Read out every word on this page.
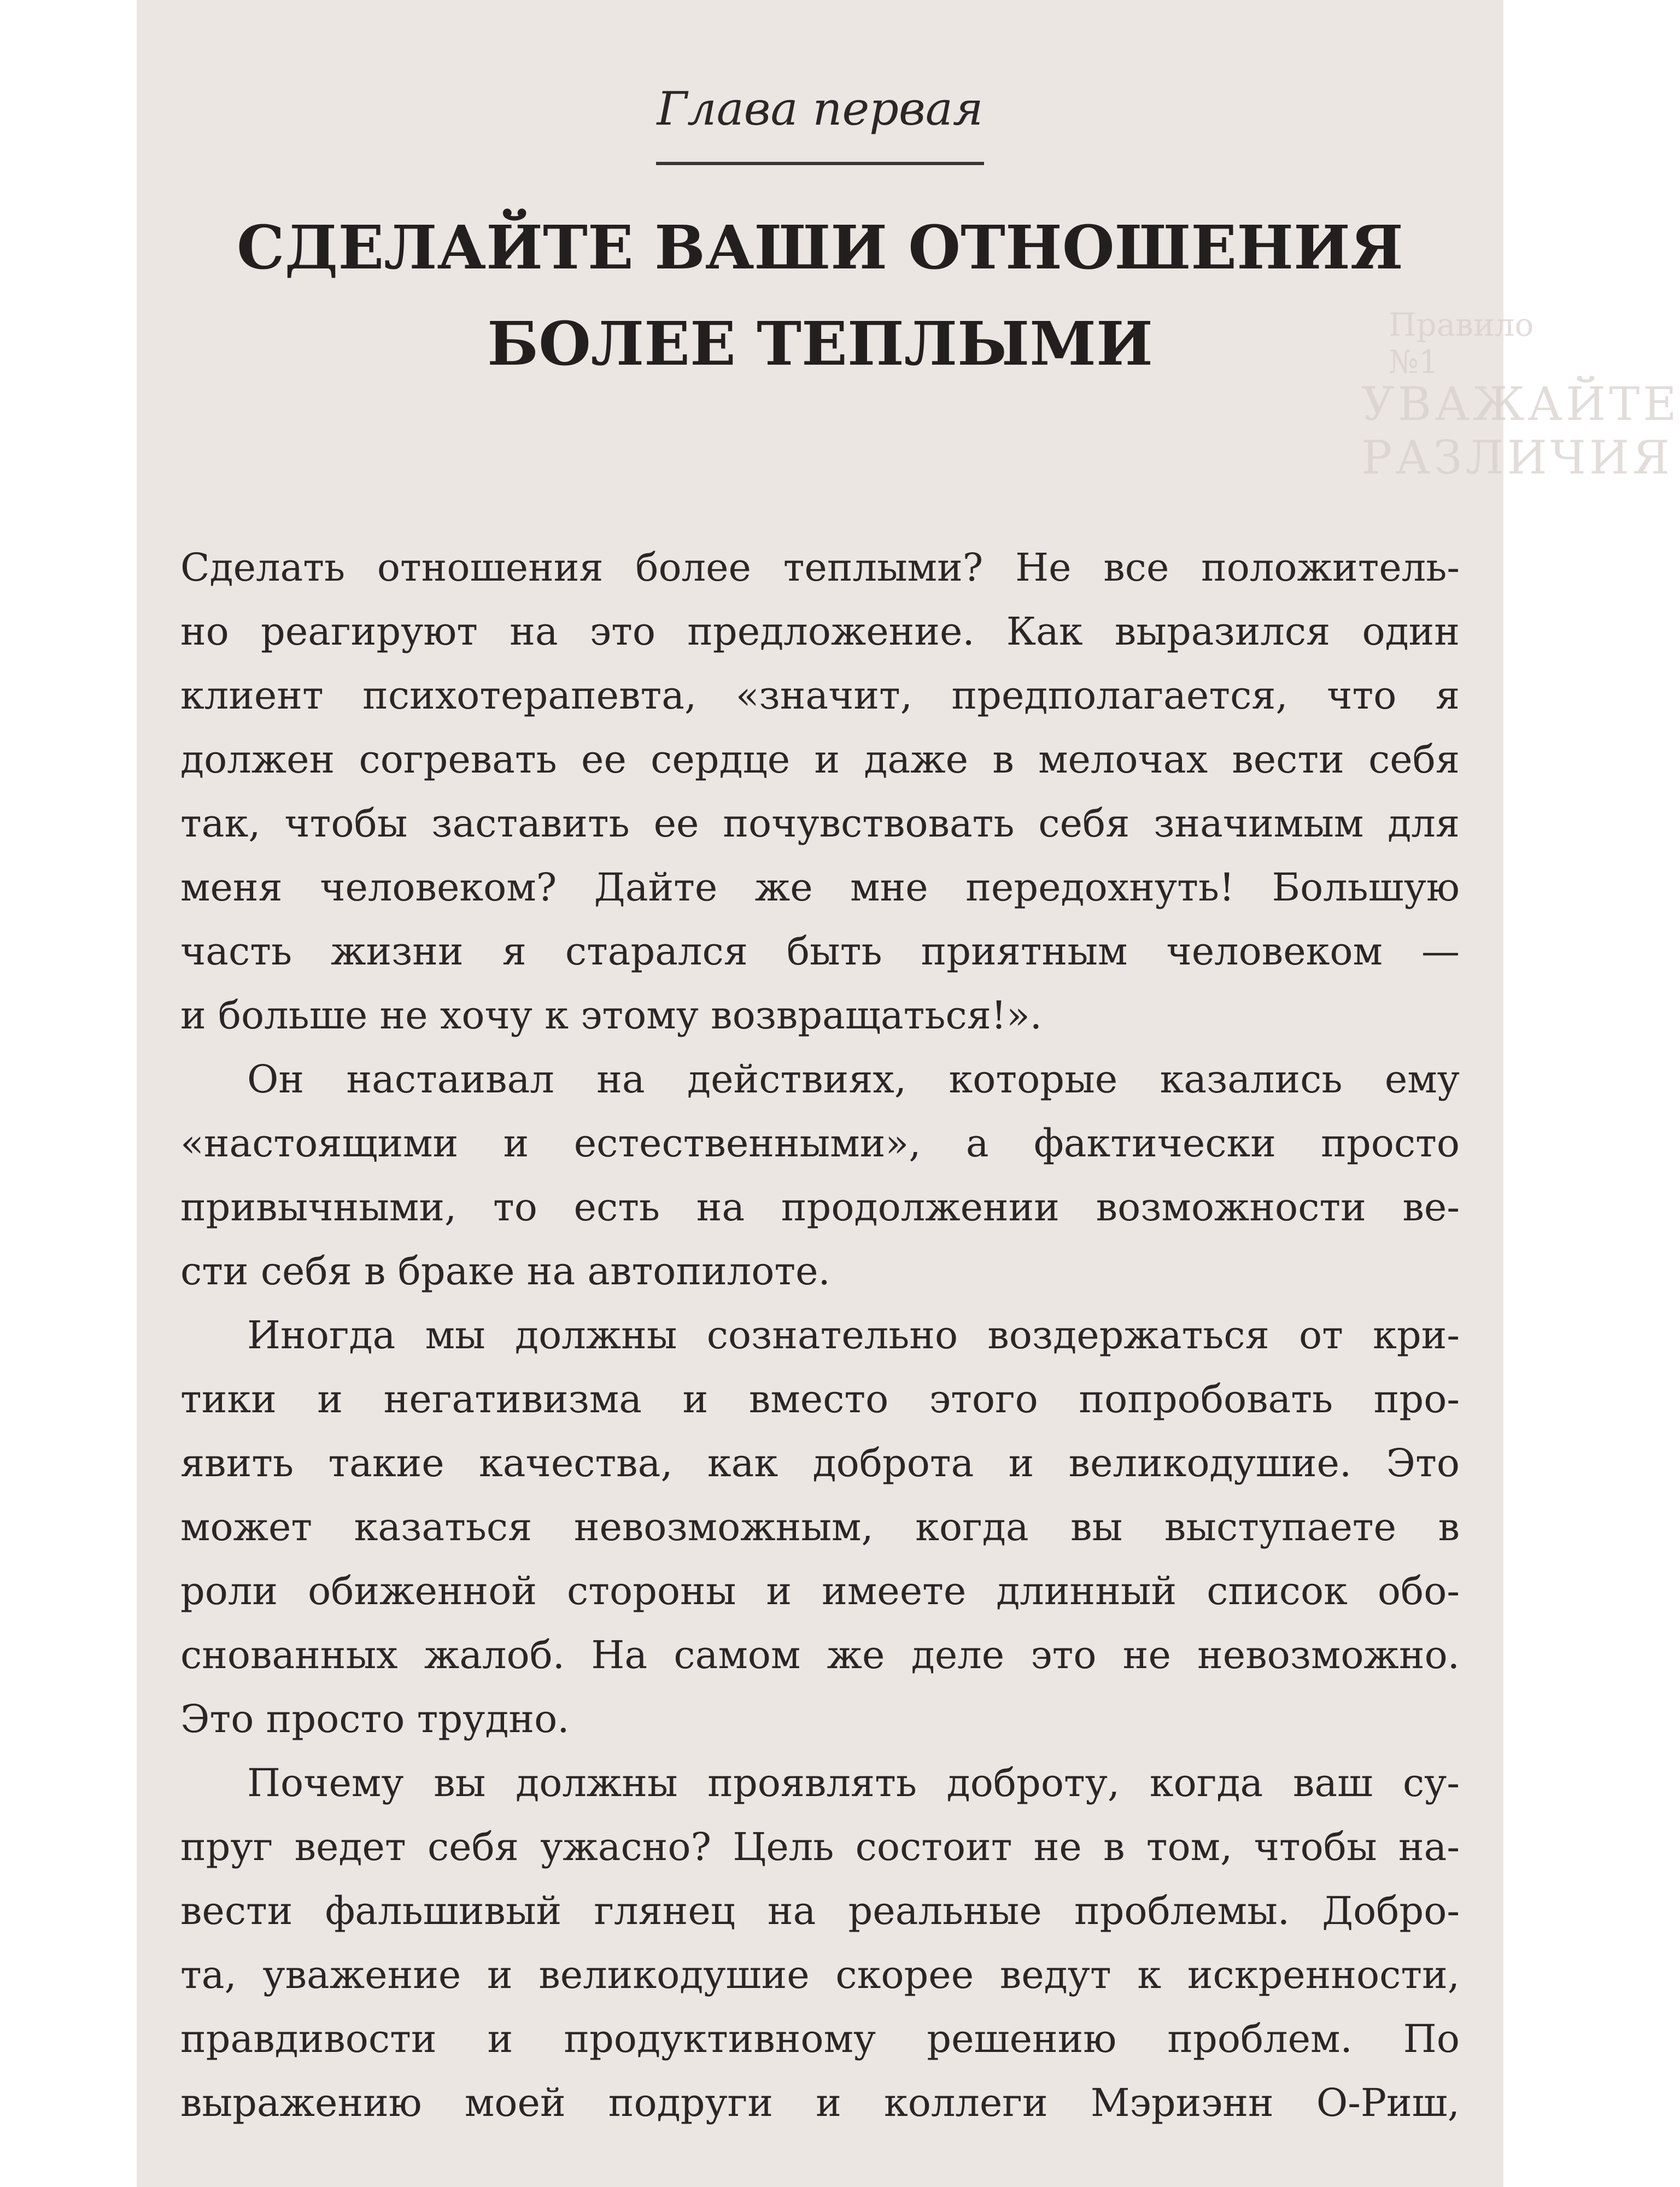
Правило №1
УВАЖАЙТЕ РАЗЛИЧИЯ
Глава первая
СДЕЛАЙТЕ ВАШИ ОТНОШЕНИЯ
БОЛЕЕ ТЕПЛЫМИ
Сделать отношения более теплыми? Не все положитель-
но реагируют на это предложение. Как выразился один
клиент психотерапевта, «значит, предполагается, что я
должен согревать ее сердце и даже в мелочах вести себя
так, чтобы заставить ее почувствовать себя значимым для
меня человеком? Дайте же мне передохнуть! Большую
часть жизни я старался быть приятным человеком —
и больше не хочу к этому возвращаться!».
Он настаивал на действиях, которые казались ему
«настоящими и естественными», а фактически просто
привычными, то есть на продолжении возможности ве-
сти себя в браке на автопилоте.
Иногда мы должны сознательно воздержаться от кри-
тики и негативизма и вместо этого попробовать про-
явить такие качества, как доброта и великодушие. Это
может казаться невозможным, когда вы выступаете в
роли обиженной стороны и имеете длинный список обо-
снованных жалоб. На самом же деле это не невозможно.
Это просто трудно.
Почему вы должны проявлять доброту, когда ваш су-
пруг ведет себя ужасно? Цель состоит не в том, чтобы на-
вести фальшивый глянец на реальные проблемы. Добро-
та, уважение и великодушие скорее ведут к искренности,
правдивости и продуктивному решению проблем. По
выражению моей подруги и коллеги Мэриэнн О-Риш,
